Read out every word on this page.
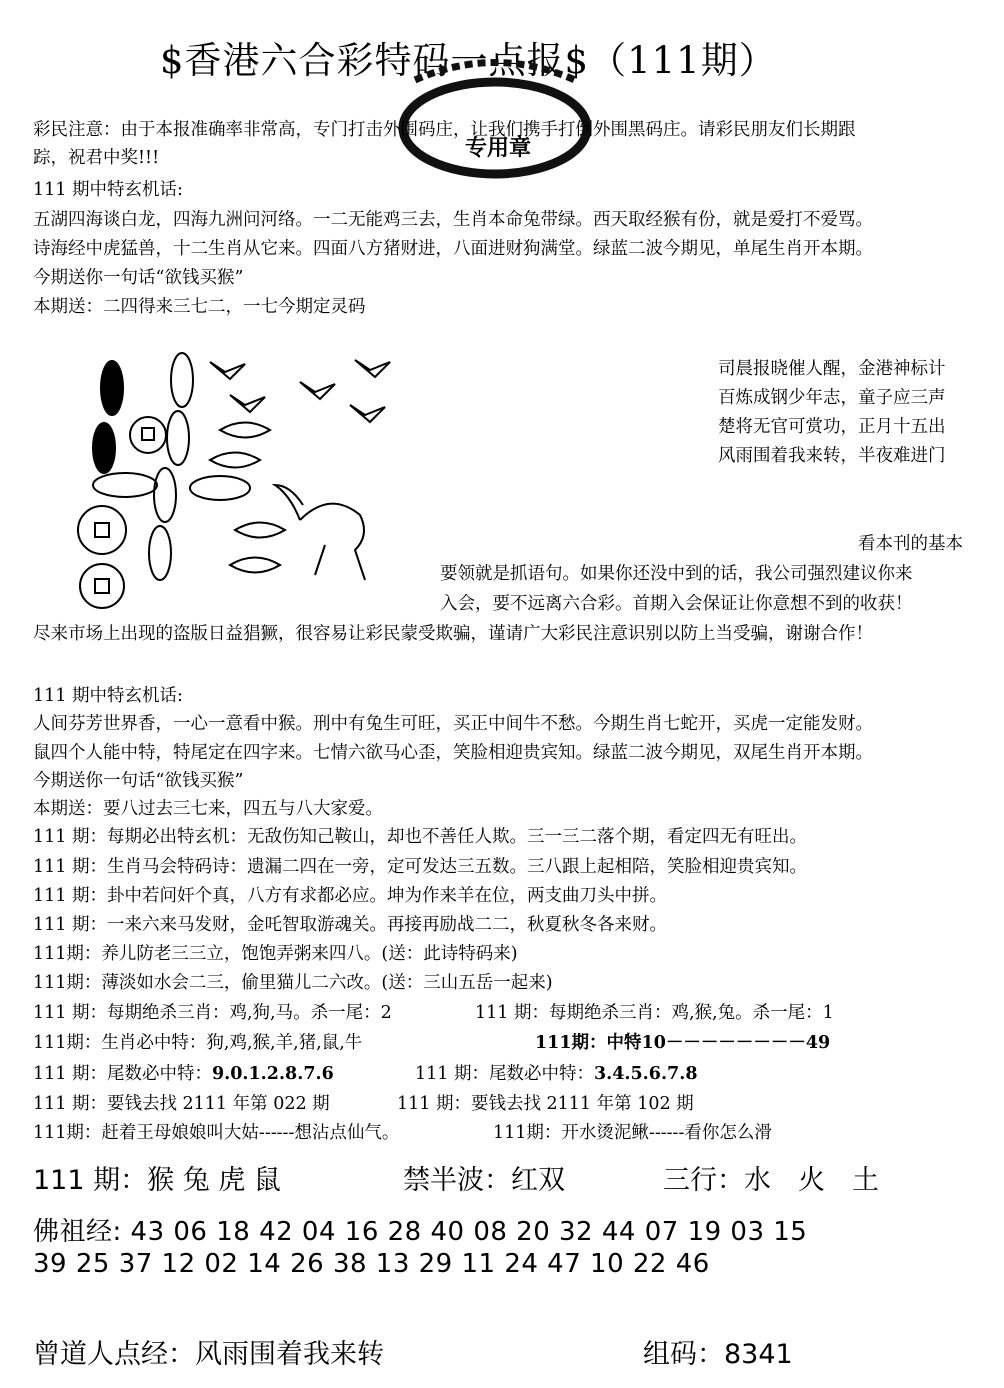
$香港六合彩特码一点报$（111期）
专用章
彩民注意：由于本报准确率非常高，专门打击外围码庄，让我们携手打倒外围黑码庄。请彩民朋友们长期跟
踪，祝君中奖!!!
111 期中特玄机话:
五湖四海谈白龙，四海九洲问河络。一二无能鸡三去，生肖本命兔带绿。西天取经猴有份，就是爱打不爱骂。
诗海经中虎猛兽，十二生肖从它来。四面八方猪财进，八面进财狗满堂。绿蓝二波今期见，单尾生肖开本期。
今期送你一句话“欲钱买猴”
本期送：二四得来三七二，一七今期定灵码
司晨报晓催人醒，金港神标计
百炼成钢少年志，童子应三声
楚将无官可赏功，正月十五出
风雨围着我来转，半夜难进门
看本刊的基本
要领就是抓语句。如果你还没中到的话，我公司强烈建议你来
入会，要不远离六合彩。首期入会保证让你意想不到的收获！
尽来市场上出现的盗版日益猖獗，很容易让彩民蒙受欺骗，谨请广大彩民注意识别以防上当受骗，谢谢合作！
111 期中特玄机话:
人间芬芳世界香，一心一意看中猴。刑中有兔生可旺，买正中间牛不愁。今期生肖七蛇开，买虎一定能发财。
鼠四个人能中特，特尾定在四字来。七情六欲马心歪，笑脸相迎贵宾知。绿蓝二波今期见，双尾生肖开本期。
今期送你一句话“欲钱买猴”
本期送：要八过去三七来，四五与八大家爱。
111 期：每期必出特玄机：无敌伤知己鞍山，却也不善任人欺。三一三二落个期，看定四无有旺出。
111 期：生肖马会特码诗：遗漏二四在一旁，定可发达三五数。三八跟上起相陪，笑脸相迎贵宾知。
111 期：卦中若问奸个真，八方有求都必应。坤为作来羊在位，两支曲刀头中拼。
111 期：一来六来马发财，金吒智取游魂关。再接再励战二二，秋夏秋冬各来财。
111期：养儿防老三三立，饱饱弄粥来四八。(送：此诗特码来)
111期：薄淡如水会二三，偷里猫儿二六改。(送：三山五岳一起来)
111 期：每期绝杀三肖：鸡,狗,马。杀一尾：2	111 期：每期绝杀三肖：鸡,猴,兔。杀一尾：1
111期：生肖必中特：狗,鸡,猴,羊,猪,鼠,牛	111期：中特10－－－－－－－－49
111 期：尾数必中特：9.0.1.2.8.7.6	111 期：尾数必中特：3.4.5.6.7.8
111 期：要钱去找 2111 年第 022 期	111 期：要钱去找 2111 年第 102 期
111期：赶着王母娘娘叫大姑------想沾点仙气。	111期：开水烫泥鳅------看你怎么滑
111 期：猴 兔 虎 鼠	禁半波：红双	三行：水　火　土
佛祖经: 43 06 18 42 04 16 28 40 08 20 32 44 07 19 03 15
39 25 37 12 02 14 26 38 13 29 11 24 47 10 22 46
曾道人点经：风雨围着我来转	组码：8341
